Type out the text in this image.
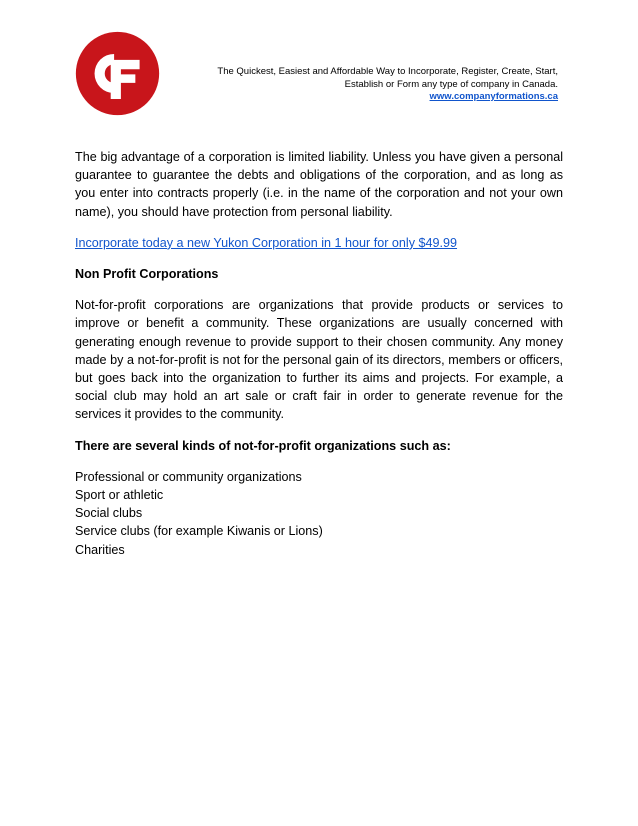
CF
The Quickest, Easiest and Affordable Way to Incorporate, Register, Create, Start,
Establish or Form any type of company in Canada.
www.companyformations.ca

The big advantage of a corporation is limited liability. Unless you have given a personal guarantee to guarantee the debts and obligations of the corporation, and as long as you enter into contracts properly (i.e. in the name of the corporation and not your own name), you should have protection from personal liability.

Incorporate today a new Yukon Corporation in 1 hour for only $49.99

Non Profit Corporations

Not-for-profit corporations are organizations that provide products or services to improve or benefit a community. These organizations are usually concerned with generating enough revenue to provide support to their chosen community. Any money made by a not-for-profit is not for the personal gain of its directors, members or officers, but goes back into the organization to further its aims and projects. For example, a social club may hold an art sale or craft fair in order to generate revenue for the services it provides to the community.

There are several kinds of not-for-profit organizations such as:

Professional or community organizations
Sport or athletic
Social clubs
Service clubs (for example Kiwanis or Lions)
Charities
